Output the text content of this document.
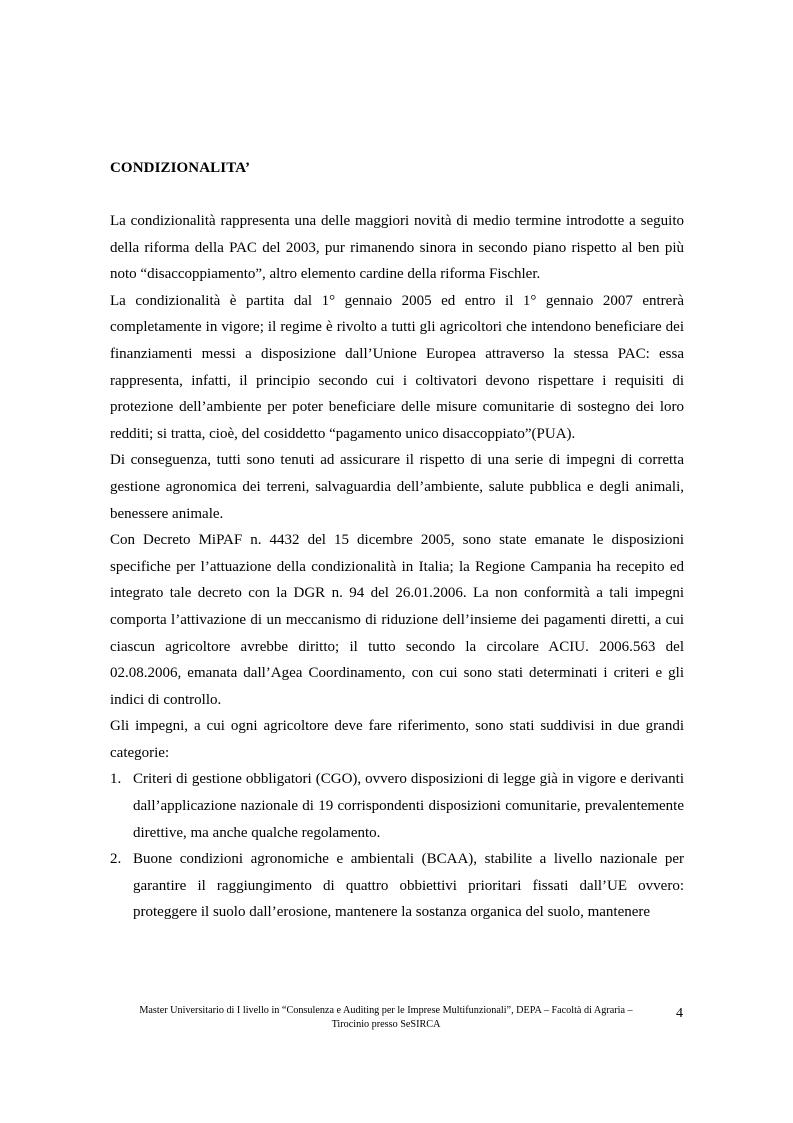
CONDIZIONALITA’

La condizionalità rappresenta una delle maggiori novità di medio termine introdotte a seguito della riforma della PAC del 2003, pur rimanendo sinora in secondo piano rispetto al ben più noto “disaccoppiamento”, altro elemento cardine della riforma Fischler.

La condizionalità è partita dal 1° gennaio 2005 ed entro il 1° gennaio 2007 entrerà completamente in vigore; il regime è rivolto a tutti gli agricoltori che intendono beneficiare dei finanziamenti messi a disposizione dall’Unione Europea attraverso la stessa PAC: essa rappresenta, infatti, il principio secondo cui i coltivatori devono rispettare i requisiti di protezione dell’ambiente per poter beneficiare delle misure comunitarie di sostegno dei loro redditi; si tratta, cioè, del cosiddetto “pagamento unico disaccoppiato”(PUA).

Di conseguenza, tutti sono tenuti ad assicurare il rispetto di una serie di impegni di corretta gestione agronomica dei terreni, salvaguardia dell’ambiente, salute pubblica e degli animali, benessere animale.

Con Decreto MiPAF n. 4432 del 15 dicembre 2005, sono state emanate le disposizioni specifiche per l’attuazione della condizionalità in Italia; la Regione Campania ha recepito ed integrato tale decreto con la DGR n. 94 del 26.01.2006. La non conformità a tali impegni comporta l’attivazione di un meccanismo di riduzione dell’insieme dei pagamenti diretti, a cui ciascun agricoltore avrebbe diritto; il tutto secondo la circolare ACIU. 2006.563 del 02.08.2006, emanata dall’Agea Coordinamento, con cui sono stati determinati i criteri e gli indici di controllo.

Gli impegni, a cui ogni agricoltore deve fare riferimento, sono stati suddivisi in due grandi categorie:

1. Criteri di gestione obbligatori (CGO), ovvero disposizioni di legge già in vigore e derivanti dall’applicazione nazionale di 19 corrispondenti disposizioni comunitarie, prevalentemente direttive, ma anche qualche regolamento.
2. Buone condizioni agronomiche e ambientali (BCAA), stabilite a livello nazionale per garantire il raggiungimento di quattro obbiettivi prioritari fissati dall’UE ovvero: proteggere il suolo dall’erosione, mantenere la sostanza organica del suolo, mantenere
Master Universitario di I livello in “Consulenza e Auditing per le Imprese Multifunzionali”, DEPA – Facoltà di Agraria –
Tirocinio presso SeSIRCA
4
